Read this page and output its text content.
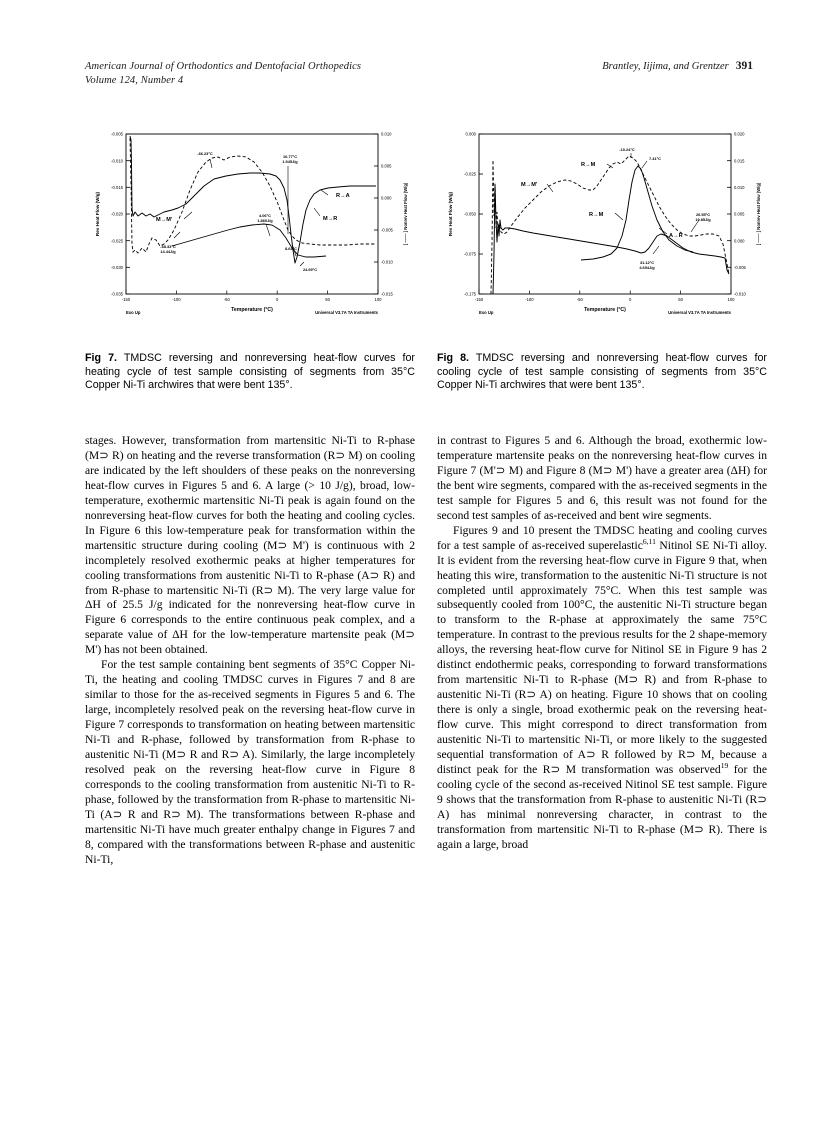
American Journal of Orthodontics and Dentofacial Orthopedics
Volume 124, Number 4
Brantley, Iijima, and Grentzer 391
-0.005
-0.010
-0.015
-0.020
-0.025
-0.030
-0.035
0.010
0.005
0.000
-0.005
-0.010
-0.015
-150	-100	-50	0	50	100
Temperature (°C)
Rev Heat Flow (W/g)	[ –––– ] Nonrev Heat Flow (W/g)
Exo Up	Universal V3.7A TA Instruments
-66.23°C
-68.33°C
14.44J/g
4.06°C
1.860J/g
10.77°C
1.945J/g
8.64°C
24.69°C
M→M'
R→A
M→R
Fig 7. TMDSC reversing and nonreversing heat-flow curves for heating cycle of test sample consisting of segments from 35°C Copper Ni-Ti archwires that were bent 135°.
0.000
-0.025
-0.050
-0.075
-0.175
0.020
0.015
0.010
0.005
0.000
-0.005
-0.010
-150	-100	-50	0	50	100
Temperature (°C)
Rev Heat Flow (W/g)	[ –––– ] Nonrev Heat Flow (W/g)
Exo Up	Universal V3.7A TA Instruments
-10.24°C
7.41°C
26.55°C
19.85J/g
31.12°C
4.694J/g
R→M
M→M'
R→M
A→R
Fig 8. TMDSC reversing and nonreversing heat-flow curves for cooling cycle of test sample consisting of segments from 35°C Copper Ni-Ti archwires that were bent 135°.

stages. However, transformation from martensitic Ni-Ti to R-phase (M⊃ R) on heating and the reverse transformation (R⊃ M) on cooling are indicated by the left shoulders of these peaks on the nonreversing heat-flow curves in Figures 5 and 6. A large (> 10 J/g), broad, low-temperature, exothermic martensitic Ni-Ti peak is again found on the nonreversing heat-flow curves for both the heating and cooling cycles. In Figure 6 this low-temperature peak for transformation within the martensitic structure during cooling (M⊃ M') is continuous with 2 incompletely resolved exothermic peaks at higher temperatures for cooling transformations from austenitic Ni-Ti to R-phase (A⊃ R) and from R-phase to martensitic Ni-Ti (R⊃ M). The very large value for ΔH of 25.5 J/g indicated for the nonreversing heat-flow curve in Figure 6 corresponds to the entire continuous peak complex, and a separate value of ΔH for the low-temperature martensite peak (M⊃ M') has not been obtained.

For the test sample containing bent segments of 35°C Copper Ni-Ti, the heating and cooling TMDSC curves in Figures 7 and 8 are similar to those for the as-received segments in Figures 5 and 6. The large, incompletely resolved peak on the reversing heat-flow curve in Figure 7 corresponds to transformation on heating between martensitic Ni-Ti and R-phase, followed by transformation from R-phase to austenitic Ni-Ti (M⊃ R and R⊃ A). Similarly, the large incompletely resolved peak on the reversing heat-flow curve in Figure 8 corresponds to the cooling transformation from austenitic Ni-Ti to R-phase, followed by the transformation from R-phase to martensitic Ni-Ti (A⊃ R and R⊃ M). The transformations between R-phase and martensitic Ni-Ti have much greater enthalpy change in Figures 7 and 8, compared with the transformations between R-phase and austenitic Ni-Ti,

in contrast to Figures 5 and 6. Although the broad, exothermic low-temperature martensite peaks on the nonreversing heat-flow curves in Figure 7 (M'⊃ M) and Figure 8 (M⊃ M') have a greater area (ΔH) for the bent wire segments, compared with the as-received segments in the test sample for Figures 5 and 6, this result was not found for the second test samples of as-received and bent wire segments.

Figures 9 and 10 present the TMDSC heating and cooling curves for a test sample of as-received superelastic$^{6,11}$ Nitinol SE Ni-Ti alloy. It is evident from the reversing heat-flow curve in Figure 9 that, when heating this wire, transformation to the austenitic Ni-Ti structure is not completed until approximately 75°C. When this test sample was subsequently cooled from 100°C, the austenitic Ni-Ti structure began to transform to the R-phase at approximately the same 75°C temperature. In contrast to the previous results for the 2 shape-memory alloys, the reversing heat-flow curve for Nitinol SE in Figure 9 has 2 distinct endothermic peaks, corresponding to forward transformations from martensitic Ni-Ti to R-phase (M⊃ R) and from R-phase to austenitic Ni-Ti (R⊃ A) on heating. Figure 10 shows that on cooling there is only a single, broad exothermic peak on the reversing heat-flow curve. This might correspond to direct transformation from austenitic Ni-Ti to martensitic Ni-Ti, or more likely to the suggested sequential transformation of A⊃ R followed by R⊃ M, because a distinct peak for the R⊃ M transformation was observed$^{19}$ for the cooling cycle of the second as-received Nitinol SE test sample. Figure 9 shows that the transformation from R-phase to austenitic Ni-Ti (R⊃ A) has minimal nonreversing character, in contrast to the transformation from martensitic Ni-Ti to R-phase (M⊃ R). There is again a large, broad
